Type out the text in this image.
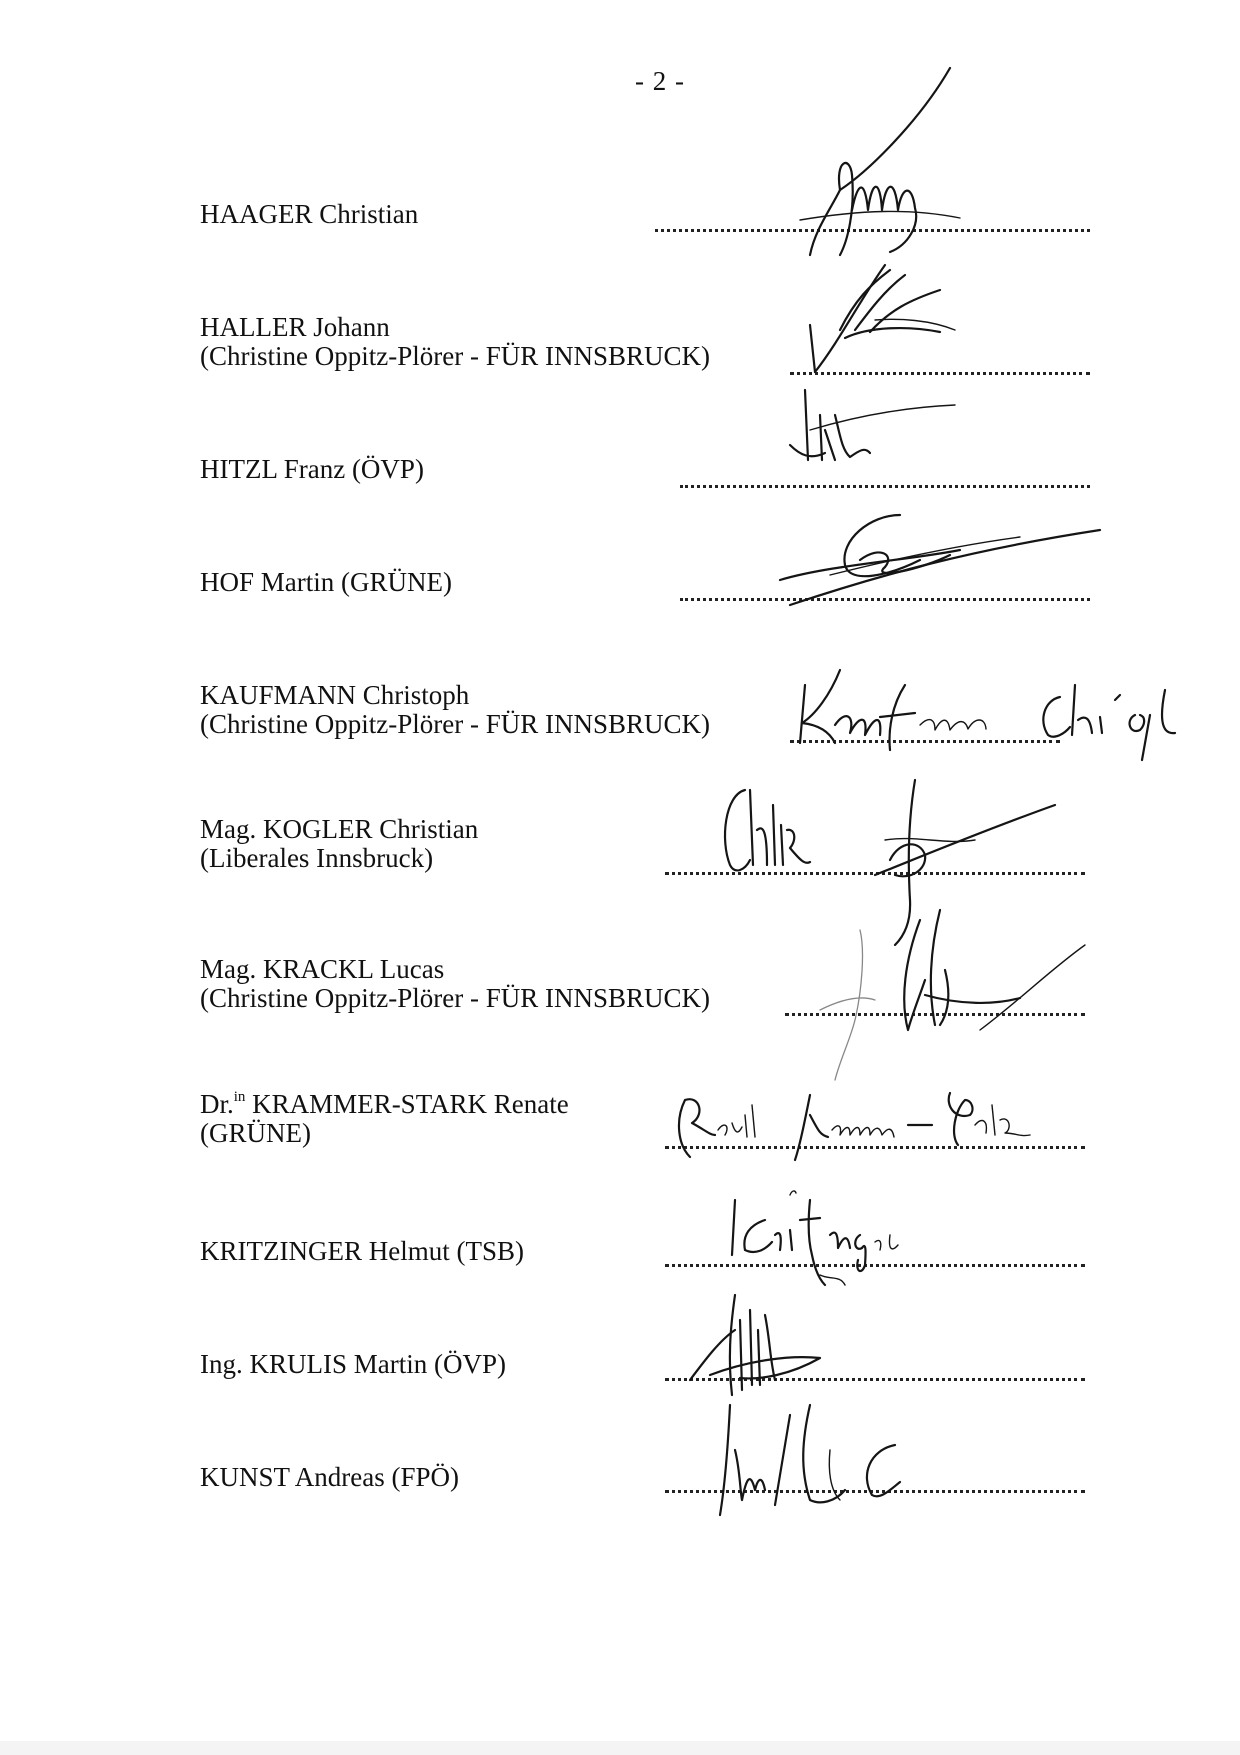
- 2 -
HAAGER Christian
HALLER Johann
(Christine Oppitz-Plörer - FÜR INNSBRUCK)
HITZL Franz (ÖVP)
HOF Martin (GRÜNE)
KAUFMANN Christoph
(Christine Oppitz-Plörer - FÜR INNSBRUCK)
Mag. KOGLER Christian
(Liberales Innsbruck)
Mag. KRACKL Lucas
(Christine Oppitz-Plörer - FÜR INNSBRUCK)
Dr.$^{in}$ KRAMMER-STARK Renate
(GRÜNE)
KRITZINGER Helmut (TSB)
Ing. KRULIS Martin (ÖVP)
KUNST Andreas (FPÖ)
